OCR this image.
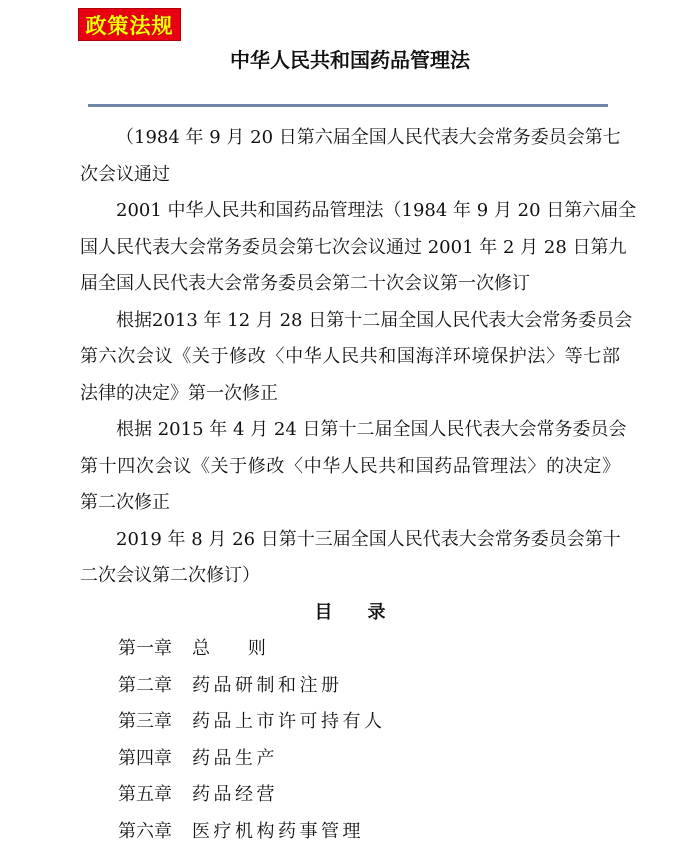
政策法规
中华人民共和国药品管理法
（1984 年 9 月 20 日第六届全国人民代表大会常务委员会第七
次会议通过
2001 中华人民共和国药品管理法（1984 年 9 月 20 日第六届全
国人民代表大会常务委员会第七次会议通过 2001 年 2 月 28 日第九
届全国人民代表大会常务委员会第二十次会议第一次修订
根据2013 年 12 月 28 日第十二届全国人民代表大会常务委员会
第六次会议《关于修改〈中华人民共和国海洋环境保护法〉等七部
法律的决定》第一次修正
根据 2015 年 4 月 24 日第十二届全国人民代表大会常务委员会
第十四次会议《关于修改〈中华人民共和国药品管理法〉的决定》
第二次修正
2019 年 8 月 26 日第十三届全国人民代表大会常务委员会第十
二次会议第二次修订）
目 录
第一章 总 则
第二章 药品研制和注册
第三章 药品上市许可持有人
第四章 药品生产
第五章 药品经营
第六章 医疗机构药事管理
